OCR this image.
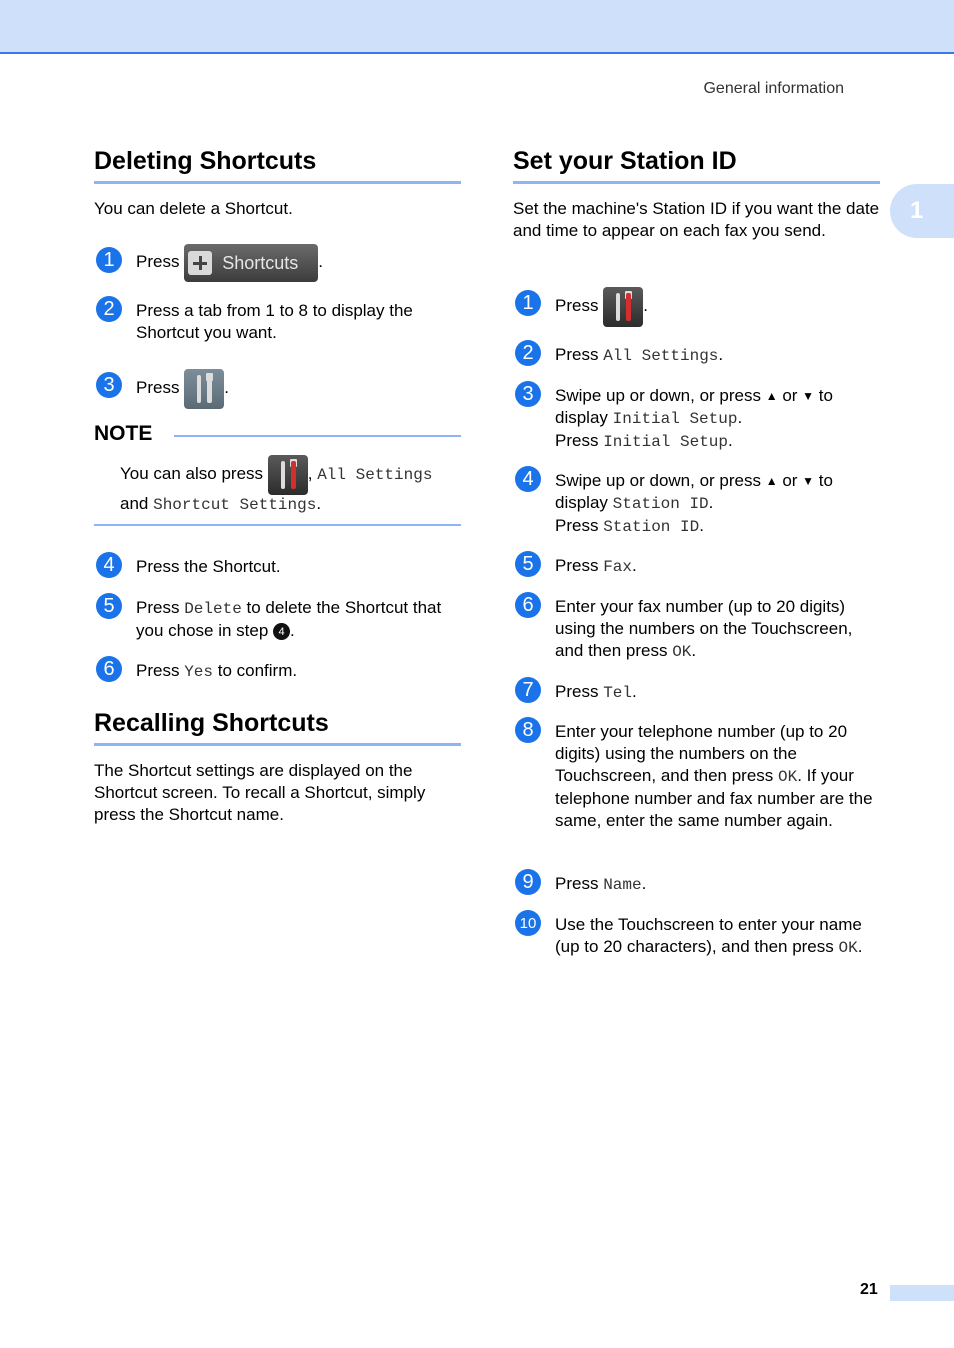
General information
1
Deleting Shortcuts
You can delete a Shortcut.
1	Press Shortcuts .
2	Press a tab from 1 to 8 to display the Shortcut you want.
3	Press
.
NOTE
You can also press
, All Settings
and Shortcut Settings.
4	Press the Shortcut.
5	Press Delete to delete the Shortcut that you chose in step 4 .
6	Press Yes to confirm.
Recalling Shortcuts
The Shortcut settings are displayed on the Shortcut screen. To recall a Shortcut, simply press the Shortcut name.
Set your Station ID
Set the machine's Station ID if you want the date and time to appear on each fax you send.
1	Press
.
2	Press All Settings.
3	Swipe up or down, or press ▲ or ▼ to
display Initial Setup.
Press Initial Setup.
4	Swipe up or down, or press ▲ or ▼ to
display Station ID.
Press Station ID.
5	Press Fax.
6	Enter your fax number (up to 20 digits) using the numbers on the Touchscreen, and then press OK.
7	Press Tel.
8	Enter your telephone number (up to 20 digits) using the numbers on the Touchscreen, and then press OK. If your telephone number and fax number are the same, enter the same number again.
9	Press Name.
10 Use the Touchscreen to enter your name (up to 20 characters), and then press OK.
21
